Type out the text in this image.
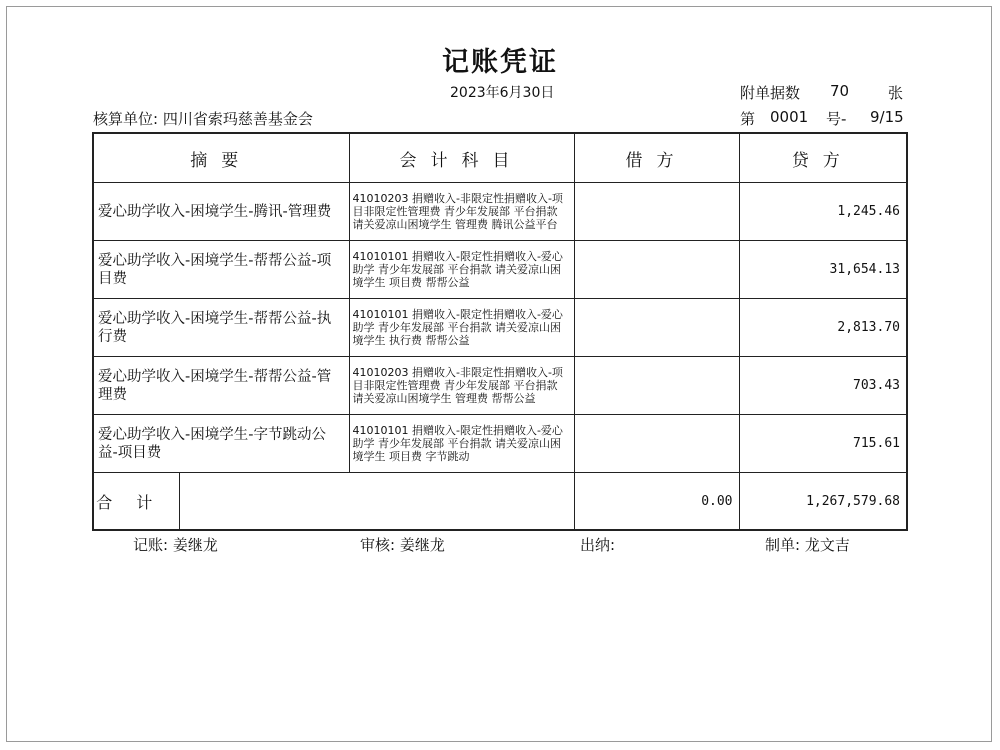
记账凭证
2023年6月30日	附单据数 70	张
核算单位: 四川省索玛慈善基金会	第 0001 号- 9/15
摘要		会计科目	借方	贷方
爱心助学收入-困境学生-腾讯-管理费		41010203 捐赠收入-非限定性捐赠收入-项目非限定性管理费 青少年发展部 平台捐款 请关爱凉山困境学生 管理费 腾讯公益平台		1,245.46
爱心助学收入-困境学生-帮帮公益-项目费		41010101 捐赠收入-限定性捐赠收入-爱心助学 青少年发展部 平台捐款 请关爱凉山困境学生 项目费 帮帮公益		31,654.13
爱心助学收入-困境学生-帮帮公益-执行费		41010101 捐赠收入-限定性捐赠收入-爱心助学 青少年发展部 平台捐款 请关爱凉山困境学生 执行费 帮帮公益		2,813.70
爱心助学收入-困境学生-帮帮公益-管理费		41010203 捐赠收入-非限定性捐赠收入-项目非限定性管理费 青少年发展部 平台捐款 请关爱凉山困境学生 管理费 帮帮公益		703.43
爱心助学收入-困境学生-字节跳动公益-项目费		41010101 捐赠收入-限定性捐赠收入-爱心助学 青少年发展部 平台捐款 请关爱凉山困境学生 项目费 字节跳动		715.61
合计			0.00	1,267,579.68
记账: 姜继龙	审核: 姜继龙	出纳:	制单: 龙文吉
